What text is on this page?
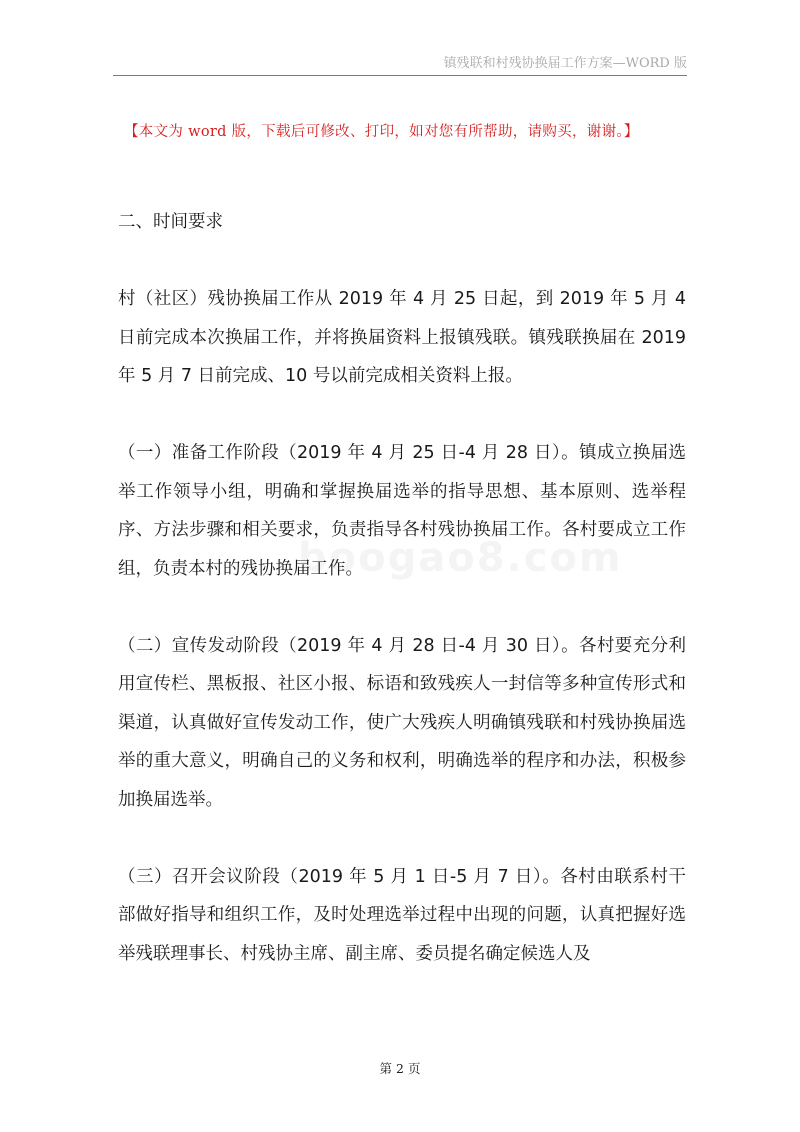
镇残联和村残协换届工作方案—WORD 版
【本文为 word 版，下载后可修改、打印，如对您有所帮助，请购买，谢谢。】
boogao8.com

二、时间要求

村（社区）残协换届工作从 2019 年 4 月 25 日起，到 2019 年 5 月 4 日前完成本次换届工作，并将换届资料上报镇残联。镇残联换届在 2019 年 5 月 7 日前完成、10 号以前完成相关资料上报。

（一）准备工作阶段（2019 年 4 月 25 日-4 月 28 日）。镇成立换届选举工作领导小组，明确和掌握换届选举的指导思想、基本原则、选举程序、方法步骤和相关要求，负责指导各村残协换届工作。各村要成立工作组，负责本村的残协换届工作。

（二）宣传发动阶段（2019 年 4 月 28 日-4 月 30 日）。各村要充分利用宣传栏、黑板报、社区小报、标语和致残疾人一封信等多种宣传形式和渠道，认真做好宣传发动工作，使广大残疾人明确镇残联和村残协换届选举的重大意义，明确自己的义务和权利，明确选举的程序和办法，积极参加换届选举。

（三）召开会议阶段（2019 年 5 月 1 日-5 月 7 日）。各村由联系村干部做好指导和组织工作，及时处理选举过程中出现的问题，认真把握好选举残联理事长、村残协主席、副主席、委员提名确定候选人及

第 2 页
